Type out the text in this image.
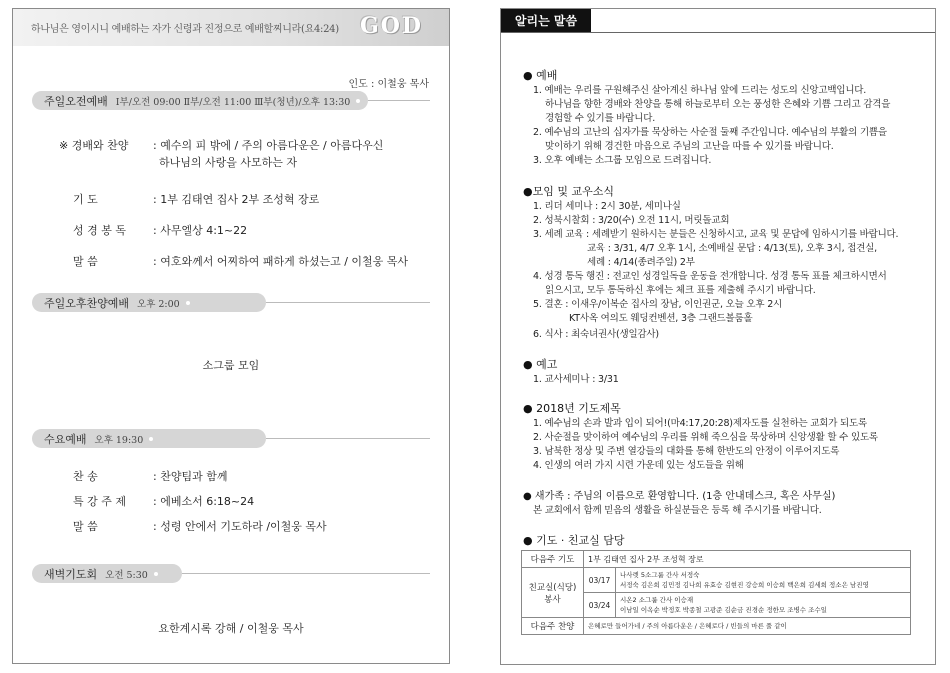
하나님은 영이시니 예배하는 자가 신령과 진정으로 예배할찌니라(요4:24) GOD
인도 : 이철웅 목사
주일오전예배 Ⅰ부/오전 09:00 Ⅱ부/오전 11:00 Ⅲ부(청년)/오후 13:30
※ 경배와 찬양 : 예수의 피 밖에 / 주의 아름다운은 / 아름다우신
하나님의 사랑을 사모하는 자
기 도	: 1부 김태연 집사 2부 조성혁 장로
성 경 봉 독 : 사무엘상 4:1~22
말 씀	: 여호와께서 어찌하여 패하게 하셨는고 / 이철웅 목사
주일오후찬양예배 오후 2:00
소그룹 모임
수요예배 오후 19:30
찬 송	: 찬양팀과 함께
특 강 주 제 : 에베소서 6:18~24
말 씀	: 성령 안에서 기도하라 /이철웅 목사
새벽기도회 오전 5:30
요한계시록 강해 / 이철웅 목사
알리는 말씀
● 예배
1. 예배는 우리를 구원해주신 살아계신 하나님 앞에 드리는 성도의 신앙고백입니다.
하나님을 향한 경배와 찬양을 통해 하늘로부터 오는 풍성한 은혜와 기쁨 그리고 감격을
경험할 수 있기를 바랍니다.
2. 예수님의 고난의 십자가를 묵상하는 사순절 둘째 주간입니다. 예수님의 부활의 기쁨을
맞이하기 위해 경건한 마음으로 주님의 고난을 따를 수 있기를 바랍니다.
3. 오후 예배는 소그룹 모임으로 드려집니다.
●모임 및 교우소식
1. 리더 세미나 : 2시 30분, 세미나실
2. 성북시찰회 : 3/20(수) 오전 11시, 머릿돌교회
3. 세례 교육 : 세례받기 원하시는 분들은 신청하시고, 교육 및 문답에 임하시기를 바랍니다.
교육 : 3/31, 4/7 오후 1시, 소예배실 문답 : 4/13(토), 오후 3시, 접견실,
세례 : 4/14(종려주일) 2부
4. 성경 통독 행진 : 전교인 성경일독을 운동을 전개합니다. 성경 통독 표를 체크하시면서
읽으시고, 모두 통독하신 후에는 체크 표를 제출해 주시기 바랍니다.
5. 결혼 : 이새우/이복순 집사의 장남, 이인권군, 오늘 오후 2시
KT사옥 여의도 웨딩컨벤션, 3층 그랜드볼룸홀
6. 식사 : 최숙녀권사(생일감사)
● 예고
1. 교사세미나 : 3/31
● 2018년 기도제목
1. 예수님의 손과 발과 입이 되어!(마4:17,20:28)제자도를 실천하는 교회가 되도록
2. 사순절을 맞이하여 예수님의 우리를 위해 죽으심을 묵상하며 신앙생활 할 수 있도록
3. 남북한 정상 및 주변 열강들의 대화를 통해 한반도의 안정이 이루어지도록
4. 인생의 여러 가지 시련 가운데 있는 성도들을 위해
● 새가족 : 주님의 이름으로 환영합니다. (1층 안내데스크, 혹은 사무실)
본 교회에서 함께 믿음의 생활을 하실분들은 등록 해 주시기를 바랍니다.
● 기도 · 친교실 담당
다음주 기도	1부 김태연 집사 2부 조성혁 장로	
친교실(식당) 봉사	03/17	나사렛 5소그룹 간사 서정숙
서정숙 김은희 김민정 김나희 유효승 김현진 강승희 이승희 백은희 김세희 정소은 남진영

	03/24	시온2 소그룹 간사 이승재
이남일 이옥순 박정호 박종철 고광준 김순금 진경순 정한모 조병수 조수일

다음주 찬양	은혜로만 들어가네 / 주의 아름다운은 / 은혜로다 / 빈들의 마른 풀 같이	
